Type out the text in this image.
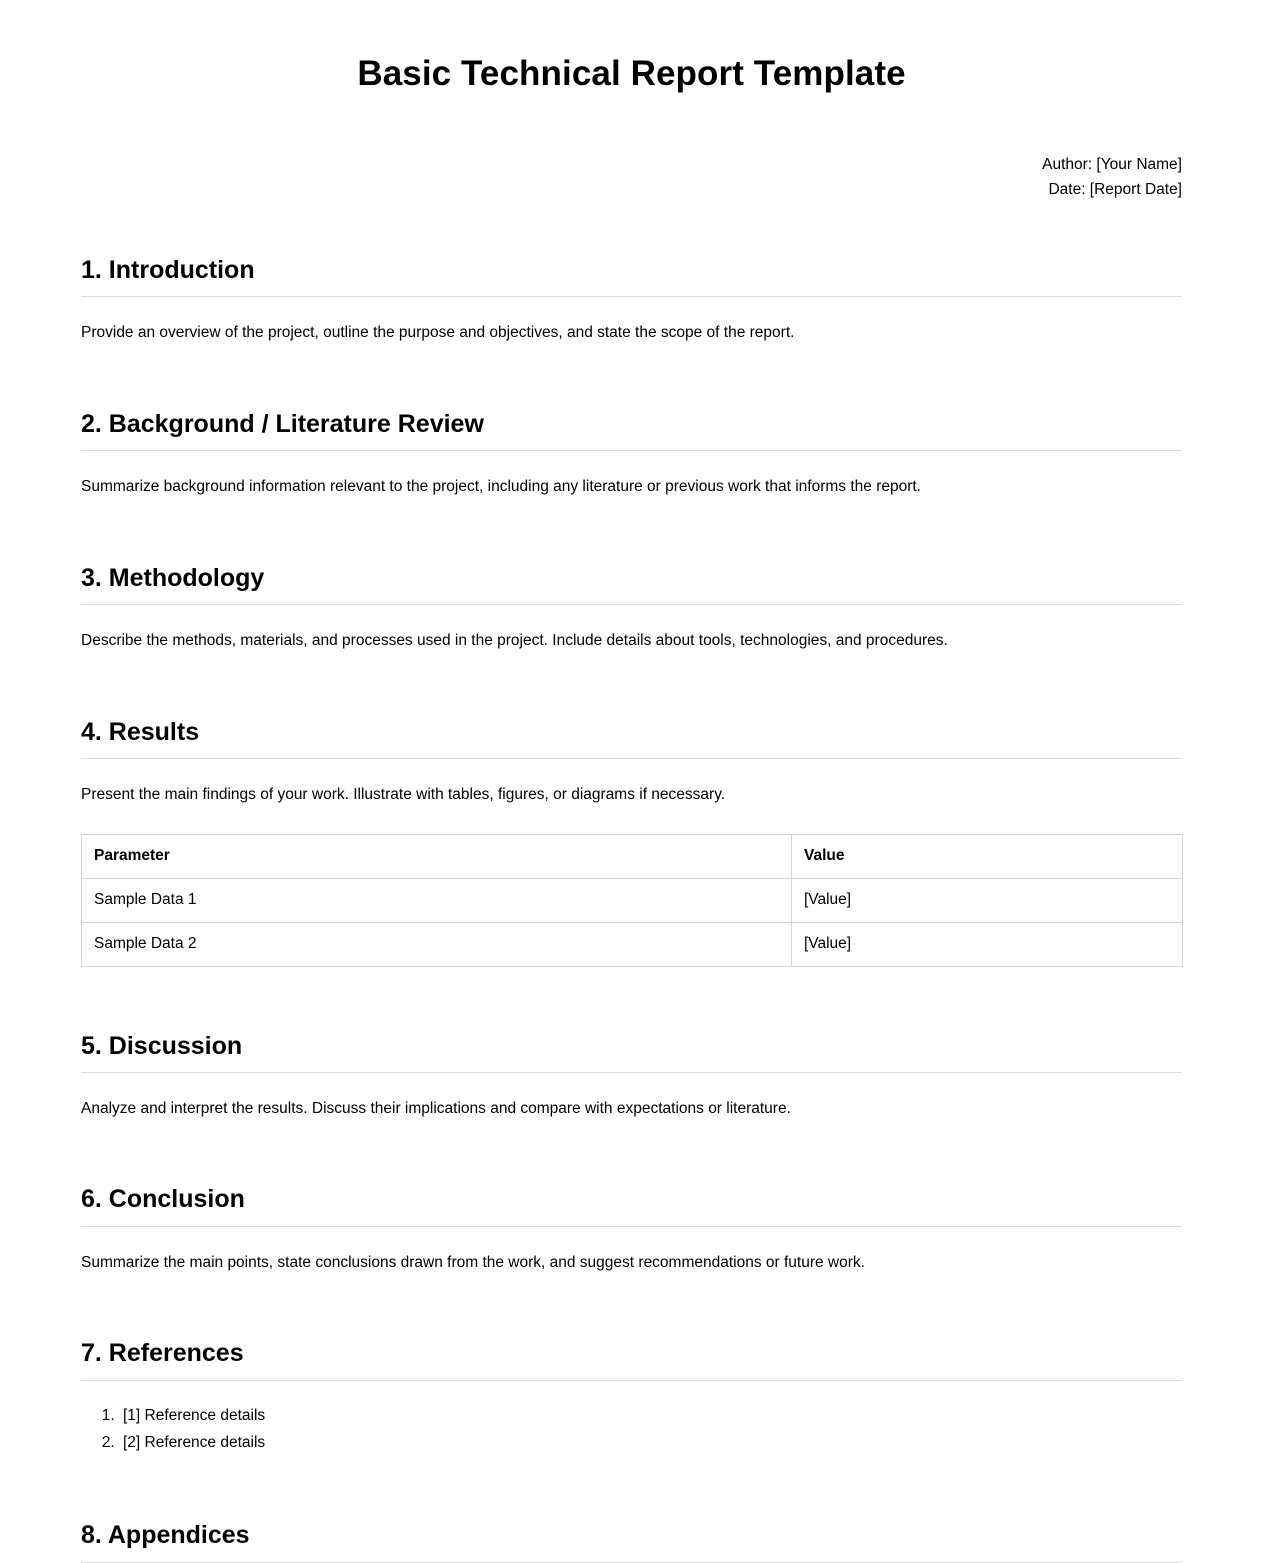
Basic Technical Report Template
Author: [Your Name]
Date: [Report Date]
1. Introduction

Provide an overview of the project, outline the purpose and objectives, and state the scope of the report.

2. Background / Literature Review

Summarize background information relevant to the project, including any literature or previous work that informs the report.

3. Methodology

Describe the methods, materials, and processes used in the project. Include details about tools, technologies, and procedures.

4. Results

Present the main findings of your work. Illustrate with tables, figures, or diagrams if necessary.

Parameter	Value
Sample Data 1	[Value]
Sample Data 2	[Value]
5. Discussion

Analyze and interpret the results. Discuss their implications and compare with expectations or literature.

6. Conclusion

Summarize the main points, state conclusions drawn from the work, and suggest recommendations or future work.

7. References
1. [1] Reference details
2. [2] Reference details
8. Appendices
